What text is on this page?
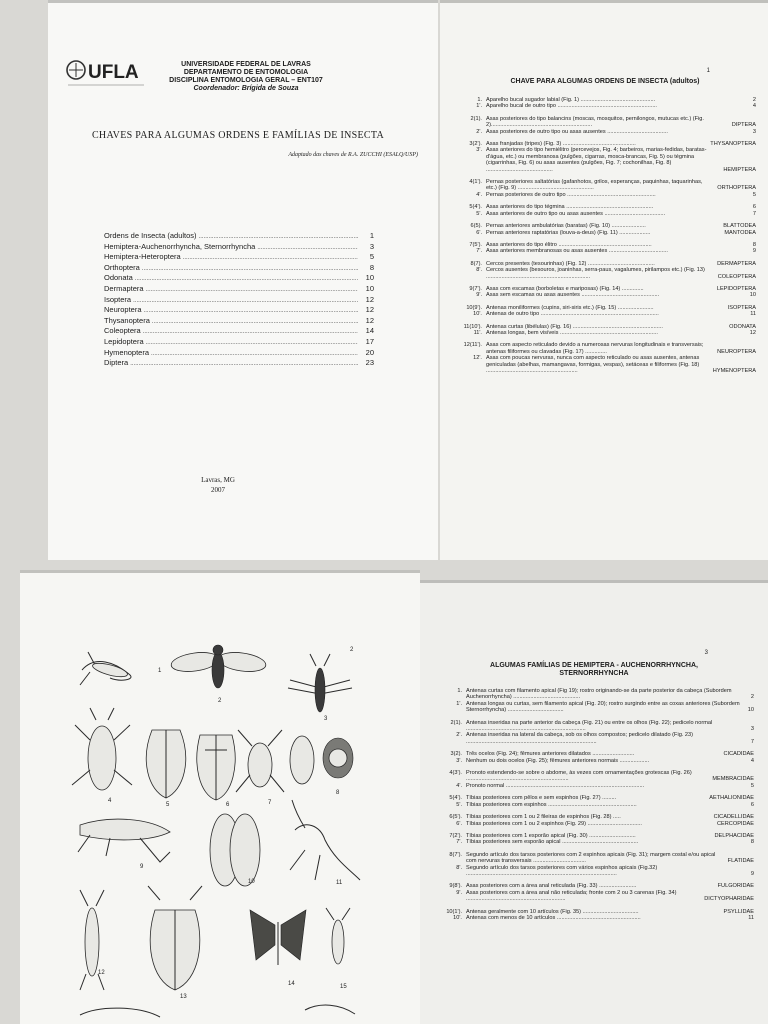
UFLA	UNIVERSIDADE FEDERAL DE LAVRAS
DEPARTAMENTO DE ENTOMOLOGIA
DISCIPLINA ENTOMOLOGIA GERAL – ENT107
Coordenador: Brígida de Souza
CHAVES PARA ALGUMAS ORDENS E FAMÍLIAS DE INSECTA
Adaptado das chaves de R.A. ZUCCHI (ESALQ/USP)
Ordens de Insecta (adultos) .....	1
Hemiptera-Auchenorrhyncha, Sternorrhyncha .....	3
Hemiptera-Heteroptera .....	5
Orthoptera .....	8
Odonata .....	10
Dermaptera .....	10
Isoptera .....	12
Neuroptera .....	12
Thysanoptera .....	12
Coleoptera .....	14
Lepidoptera .....	17
Hymenoptera .....	20
Diptera .....	23
Lavras, MG
2007
1
CHAVE PARA ALGUMAS ORDENS DE INSECTA (adultos)
1. Aparelho bucal sugador labial (Fig. 1) ................................................	2
1'. Aparelho bucal de outro tipo ................................................................	4
2(1). Asas posteriores do tipo balancins (moscas, mosquitos, pernilongos, mutucas etc.) (Fig. 2).................................................................	DIPTERA
2'. Asas posteriores de outro tipo ou asas ausentes .......................................	3
3(2'). Asas franjadas (tripes) (Fig. 3) ...............................................	THYSANOPTERA
3'. Asas anteriores do tipo hemiélitro (percevejos, Fig. 4; barbeiros, marias-fedidas, baratas-d'água, etc.) ou membranosa (pulgões, cigarras, mosca-brancas, Fig. 5) ou tégmina (cigarrinhas, Fig. 6) ou asas ausentes (pulgões, Fig. 7; cochonilhas, Fig. 8) ...........................................	HEMIPTERA
4(1'). Pernas posteriores saltatórias (gafanhotos, grilos, esperanças, paquinhas, taquarinhas, etc.) (Fig. 9) .................................................	ORTHOPTERA
4'. Pernas posteriores de outro tipo .........................................................	5
5(4'). Asas anteriores do tipo tégmina ........................................................	6
5'. Asas anteriores de outro tipo ou asas ausentes .......................................	7
6(5). Pernas anteriores ambulatórias (baratas) (Fig. 10) ......................	BLATTODEA
6'. Pernas anteriores raptatórias (louva-a-deus) (Fig. 11) ....................	MANTODEA
7(5'). Asas anteriores do tipo élitro ............................................................	8
7'. Asas anteriores membranosas ou asas ausentes ......................................	9
8(7). Cercos presentes (tesourinhas) (Fig. 12) ...........................................	DERMAPTERA
8'. Cercos ausentes (besouros, joaninhas, serra-paus, vagalumes, pirilampos etc.) (Fig. 13) ...................................................................	COLEOPTERA
9(7'). Asas com escamas (borboletas e mariposas) (Fig. 14) ..............	LEPIDOPTERA
9'. Asas sem escamas ou asas ausentes ..................................................	10
10(9'). Antenas moniliformes (cupins, siri-siris etc.) (Fig. 15) .......................	ISOPTERA
10'. Antenas de outro tipo ............................................................................	11
11(10'). Antenas curtas (libélulas) (Fig. 16) ..........................................................	ODONATA
11'. Antenas longas, bem visíveis ...............................................................	12
12(11'). Asas com aspecto reticulado devido a numerosas nervuras longitudinais e transversais; antenas filiformes ou clavadas (Fig. 17) ..............	NEUROPTERA
12'. Asas com poucas nervuras, nunca com aspecto reticulado ou asas ausentes, antenas geniculadas (abelhas, mamangavas, formigas, vespas), setáceas e filiformes (Fig. 18) ...........................................................	HYMENOPTERA
2
4
5	6	7
8
1
2
3
9
10	11
12
13
14	15
3
ALGUMAS FAMÍLIAS DE HEMIPTERA - AUCHENORRHYNCHA,
STERNORRHYNCHA
1. Antenas curtas com filamento apical (Fig 19); rostro originando-se da parte posterior da cabeça (Subordem Auchenorrhyncha) ...........................................	2
1'. Antenas longas ou curtas, sem filamento apical (Fig. 20); rostro surgindo entre as coxas anteriores (Subordem Sternorrhyncha) ....................................	10
2(1). Antenas inseridas na parte anterior da cabeça (Fig. 21) ou entre os olhos (Fig. 22); pedicelo normal .............................................................................	3
2'. Antenas inseridas na lateral da cabeça, sob os olhos compostos; pedicelo dilatado (Fig. 23) ....................................................................................	7
3(2). Três ocelos (Fig. 24); fêmures anteriores dilatados ...........................	CICADIDAE
3'. Nenhum ou dois ocelos (Fig. 25); fêmures anteriores normais ...................	4
4(3'). Pronoto estendendo-se sobre o abdome, às vezes com ornamentações grotescas (Fig. 26) ..................................................................	MEMBRACIDAE
4'. Pronoto normal .........................................................................................	5
5(4'). Tíbias posteriores com pêlos e sem espinhos (Fig. 27) .........	AETHALIONIDAE
5'. Tíbias posteriores com espinhos .........................................................	6
6(5'). Tíbias posteriores com 1 ou 2 fileiras de espinhos (Fig. 28) .....	CICADELLIDAE
6'. Tíbias posteriores com 1 ou 2 espinhos (Fig. 29) ...................................	CERCOPIDAE
7(2'). Tíbias posteriores com 1 esporão apical (Fig. 30) ..............................	DELPHACIDAE
7'. Tíbias posteriores sem esporão apical .................................................	8
8(7'). Segundo artículo dos tarsos posteriores com 2 espinhos apicais (Fig. 31); margem costal e/ou apical com nervuras transversais ..................................	FLATIDAE
8'. Segundo artículo dos tarsos posteriores com vários espinhos apicais (Fig.32) .................................................................................................	9
9(8'). Asas posteriores com a área anal reticulada (Fig. 33) ........................	FULGORIDAE
9'. Asas posteriores com a área anal não reticulada; fronte com 2 ou 3 carenas (Fig. 34) ................................................................	DICTYOPHARIDAE
10(1'). Antenas geralmente com 10 artículos (Fig. 35) ....................................	PSYLLIDAE
10'. Antenas com menos de 10 artículos ......................................................	11
